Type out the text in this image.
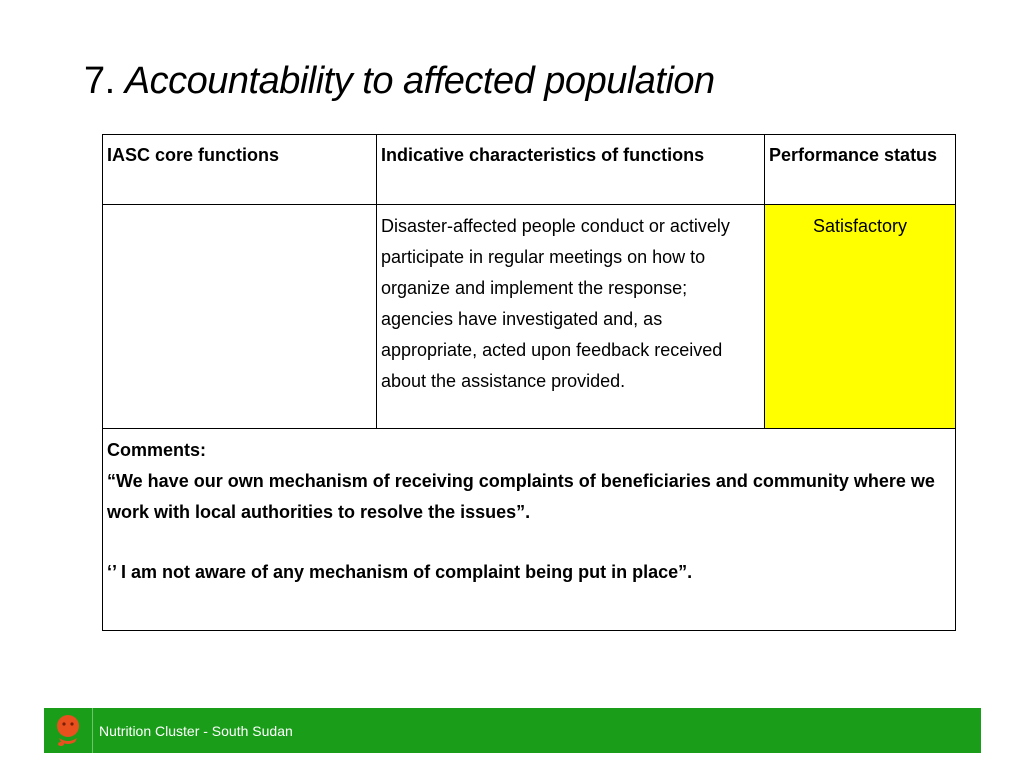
7. Accountability to affected population
IASC core functions	Indicative characteristics of functions	Performance status
	Disaster-affected people conduct or actively participate in regular meetings on how to organize and implement the response; agencies have investigated and, as appropriate, acted upon feedback received about the assistance provided.	Satisfactory

Comments:
“We have our own mechanism of receiving complaints of beneficiaries and community where we work with local authorities to resolve the issues”.
‘’ I am not aware of any mechanism of complaint being put in place”.		
Nutrition Cluster - South Sudan
